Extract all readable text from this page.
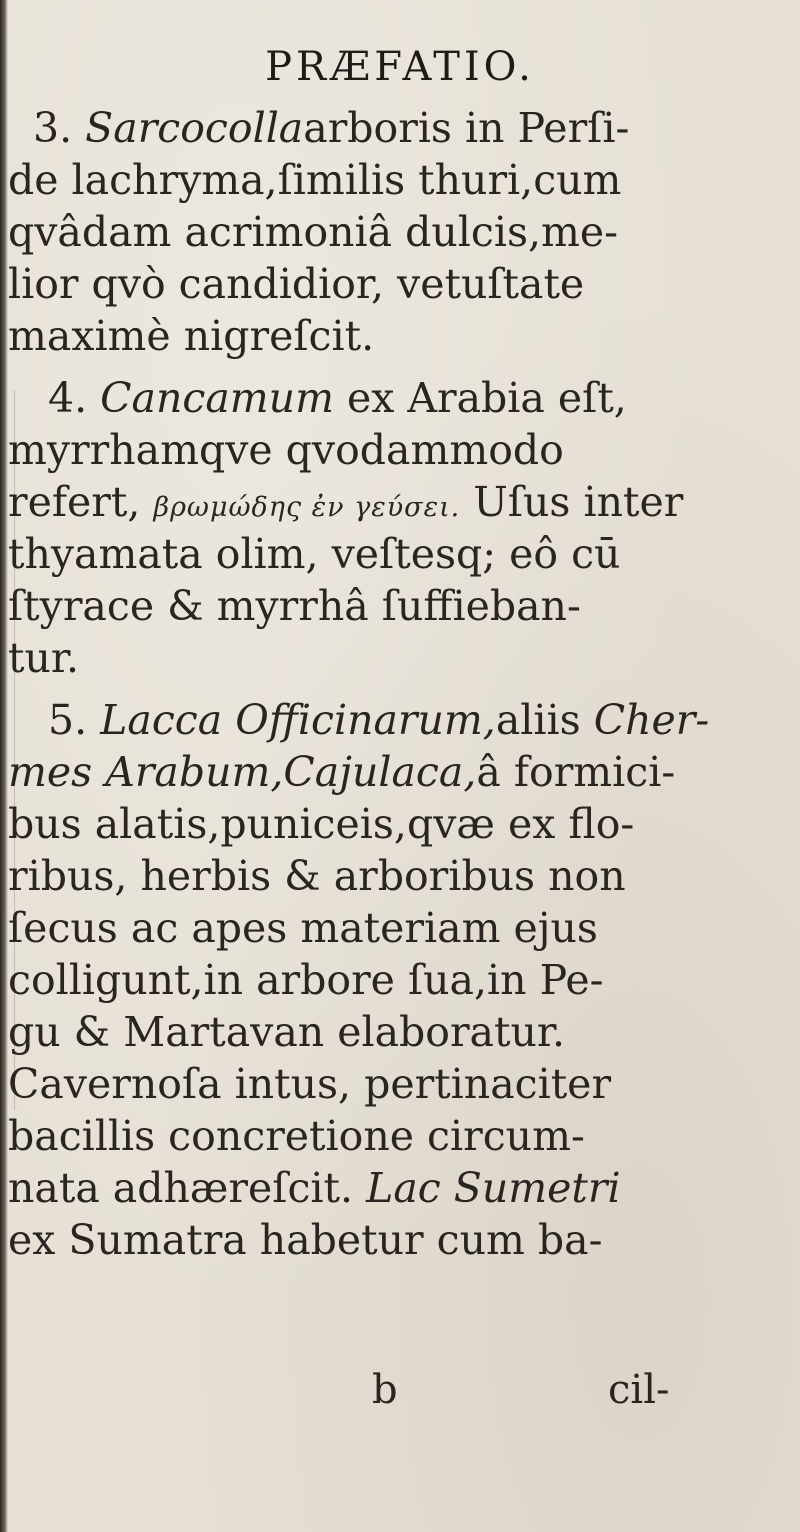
PRÆFATIO.
3. Sarcocollaarboris in Perſi-
de lachryma,ſimilis thuri,cum
qvâdam acrimoniâ dulcis,me-
lior qvò candidior, vetuſtate
maximè nigreſcit.
4. Cancamum ex Arabia eſt,
myrrhamqve qvodammodo
refert, βρωμώδης ἐν γεύσει. Uſus inter
thyamata olim, veſtesq; eô cū
ſtyrace & myrrhâ ſuffieban-
tur.
5. Lacca Officinarum,aliis Cher-
mes Arabum,Cajulaca,â formici-
bus alatis,puniceis,qvæ ex flo-
ribus, herbis & arboribus non
ſecus ac apes materiam ejus
colligunt,in arbore ſua,in Pe-
gu & Martavan elaboratur.
Cavernoſa intus, pertinaciter
bacillis concretione circum-
nata adhæreſcit. Lac Sumetri
ex Sumatra habetur cum ba-
b	cil-
